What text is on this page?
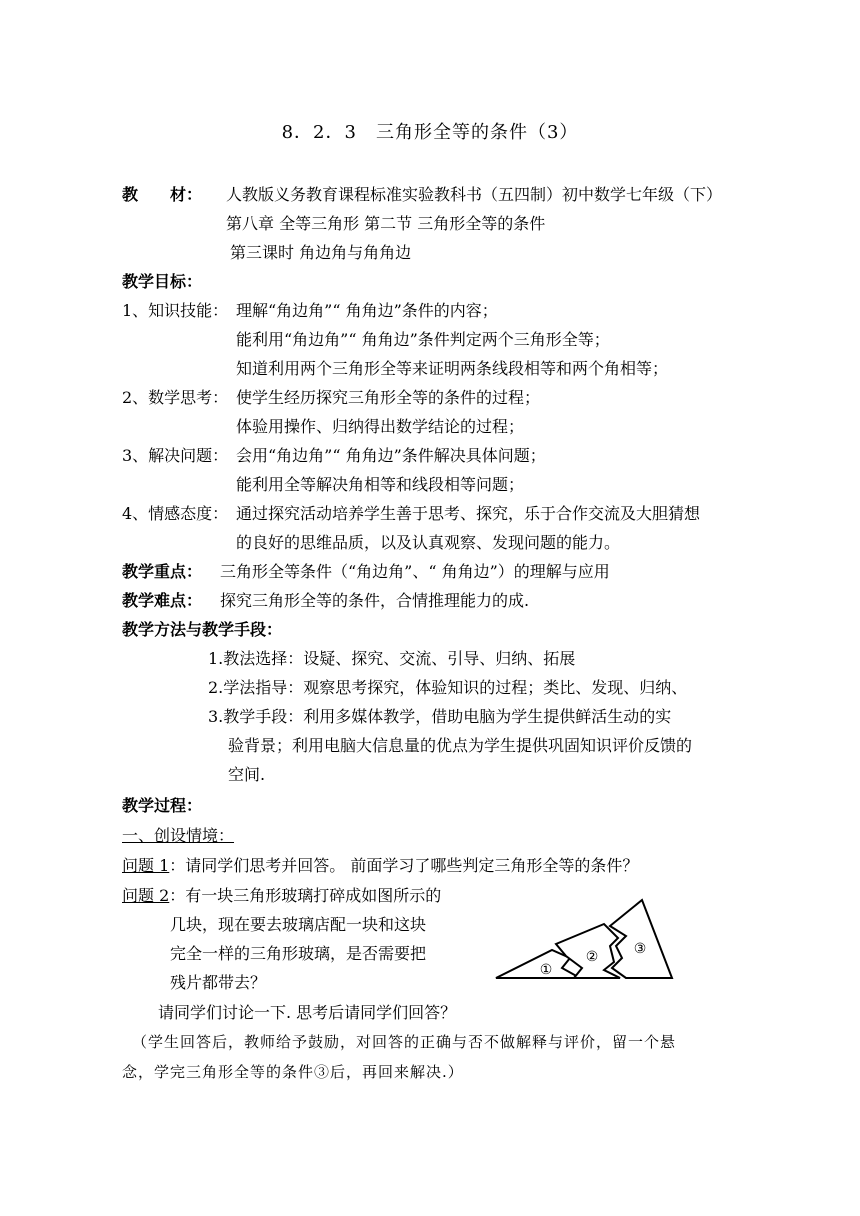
8．2．3　三角形全等的条件（3）
教　　材： 人教版义务教育课程标准实验教科书（五四制）初中数学七年级（下）
第八章 全等三角形 第二节 三角形全等的条件
第三课时 角边角与角角边
教学目标：
1、知识技能： 理解“角边角”“ 角角边”条件的内容；
能利用“角边角”“ 角角边”条件判定两个三角形全等；
知道利用两个三角形全等来证明两条线段相等和两个角相等；
2、数学思考： 使学生经历探究三角形全等的条件的过程；
体验用操作、归纳得出数学结论的过程；
3、解决问题： 会用“角边角”“ 角角边”条件解决具体问题；
能利用全等解决角相等和线段相等问题；
4、情感态度： 通过探究活动培养学生善于思考、探究，乐于合作交流及大胆猜想
的良好的思维品质，以及认真观察、发现问题的能力。
教学重点： 三角形全等条件（“角边角”、“ 角角边”）的理解与应用
教学难点： 探究三角形全等的条件，合情推理能力的成.
教学方法与教学手段：
1.教法选择：设疑、探究、交流、引导、归纳、拓展
2.学法指导：观察思考探究，体验知识的过程；类比、发现、归纳、
3.教学手段：利用多媒体教学，借助电脑为学生提供鲜活生动的实
验背景；利用电脑大信息量的优点为学生提供巩固知识评价反馈的
空间.
教学过程：
一、创设情境：
问题 1：请同学们思考并回答。 前面学习了哪些判定三角形全等的条件？
问题 2：有一块三角形玻璃打碎成如图所示的
几块，现在要去玻璃店配一块和这块
完全一样的三角形玻璃，是否需要把
残片都带去？
请同学们讨论一下. 思考后请同学们回答？
（学生回答后，教师给予鼓励，对回答的正确与否不做解释与评价，留一个悬
念，学完三角形全等的条件③后，再回来解决.）
①
②	③
